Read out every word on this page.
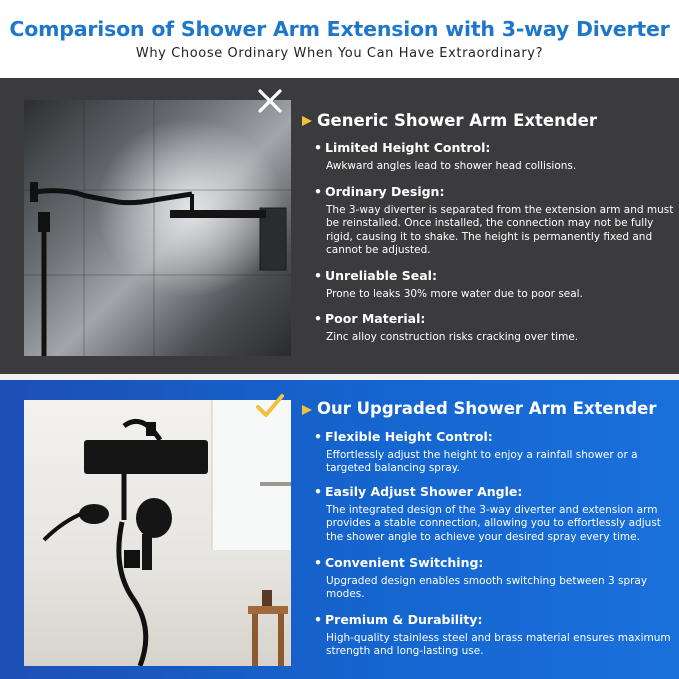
Comparison of Shower Arm Extension with 3-way Diverter
Why Choose Ordinary When You Can Have Extraordinary?
Generic Shower Arm Extender
• Limited Height Control:
Awkward angles lead to shower head collisions.
• Ordinary Design:
The 3-way diverter is separated from the extension arm and must be reinstalled. Once installed, the connection may not be fully rigid, causing it to shake. The height is permanently fixed and cannot be adjusted.
• Unreliable Seal:
Prone to leaks 30% more water due to poor seal.
• Poor Material:
Zinc alloy construction risks cracking over time.
Our Upgraded Shower Arm Extender
• Flexible Height Control:
Effortlessly adjust the height to enjoy a rainfall shower or a targeted balancing spray.
• Easily Adjust Shower Angle:
The integrated design of the 3-way diverter and extension arm provides a stable connection, allowing you to effortlessly adjust the shower angle to achieve your desired spray every time.
• Convenient Switching:
Upgraded design enables smooth switching between 3 spray modes.
• Premium & Durability:
High-quality stainless steel and brass material ensures maximum strength and long-lasting use.
